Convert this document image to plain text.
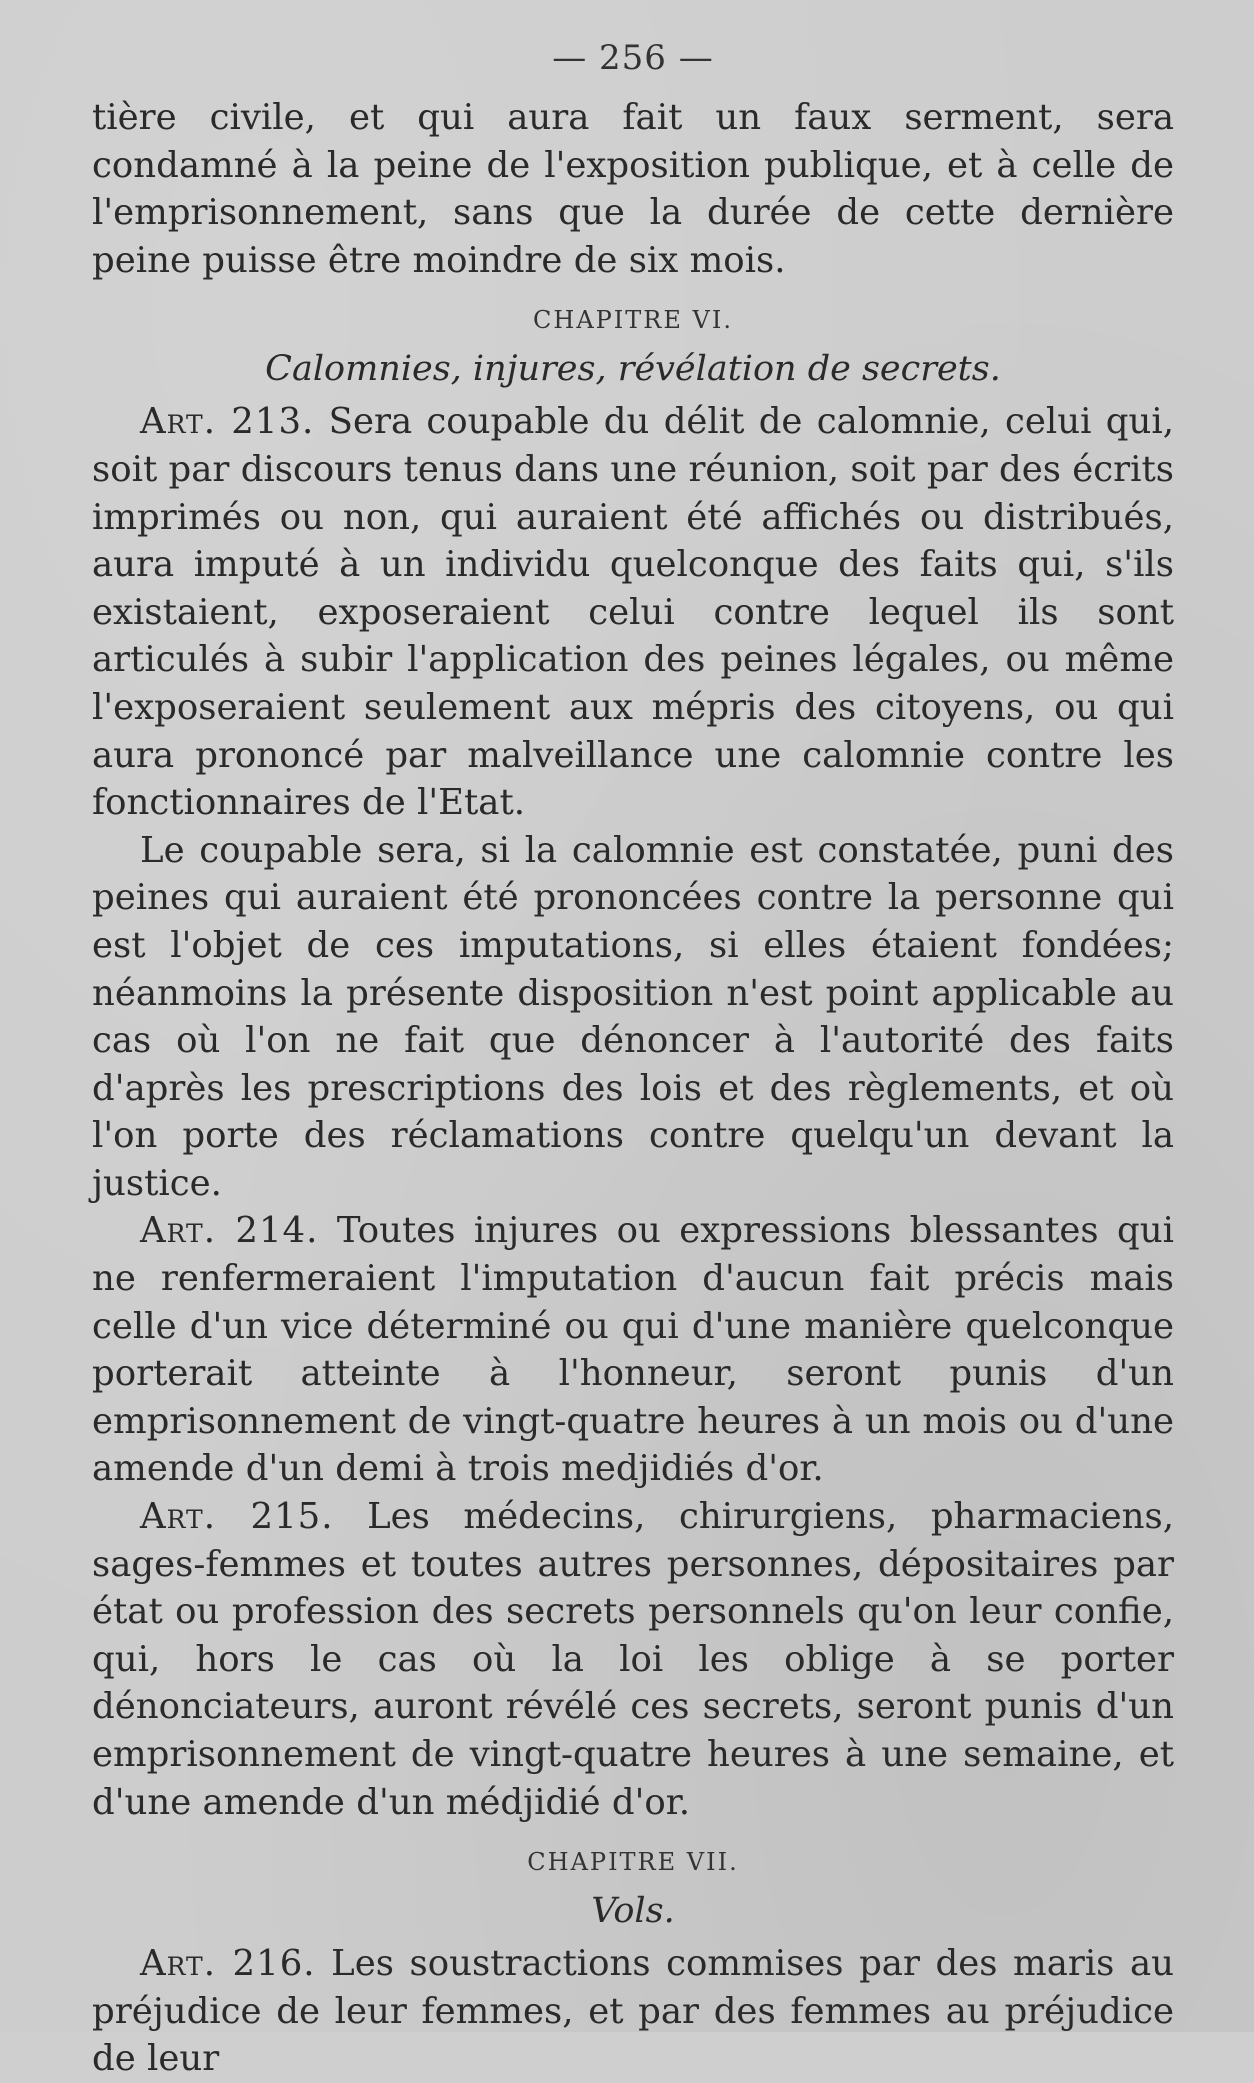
— 256 —

tière civile, et qui aura fait un faux serment, sera condamné à la peine de l'exposition publique, et à celle de l'emprisonnement, sans que la durée de cette dernière peine puisse être moindre de six mois.

CHAPITRE VI.
Calomnies, injures, révélation de secrets.

Art. 213. Sera coupable du délit de calomnie, celui qui, soit par discours tenus dans une réunion, soit par des écrits imprimés ou non, qui auraient été affichés ou distribués, aura imputé à un individu quelconque des faits qui, s'ils existaient, exposeraient celui contre lequel ils sont articulés à subir l'application des peines légales, ou même l'exposeraient seulement aux mépris des citoyens, ou qui aura prononcé par malveillance une calomnie contre les fonctionnaires de l'Etat.

Le coupable sera, si la calomnie est constatée, puni des peines qui auraient été prononcées contre la personne qui est l'objet de ces imputations, si elles étaient fondées; néanmoins la présente disposition n'est point applicable au cas où l'on ne fait que dénoncer à l'autorité des faits d'après les prescriptions des lois et des règlements, et où l'on porte des réclamations contre quelqu'un devant la justice.

Art. 214. Toutes injures ou expressions blessantes qui ne renfermeraient l'imputation d'aucun fait précis mais celle d'un vice déterminé ou qui d'une manière quelconque porterait atteinte à l'honneur, seront punis d'un emprisonnement de vingt-quatre heures à un mois ou d'une amende d'un demi à trois medjidiés d'or.

Art. 215. Les médecins, chirurgiens, pharmaciens, sages-femmes et toutes autres personnes, dépositaires par état ou profession des secrets personnels qu'on leur confie, qui, hors le cas où la loi les oblige à se porter dénonciateurs, auront révélé ces secrets, seront punis d'un emprisonnement de vingt-quatre heures à une semaine, et d'une amende d'un médjidié d'or.

CHAPITRE VII.
Vols.

Art. 216. Les soustractions commises par des maris au préjudice de leur femmes, et par des femmes au préjudice de leur
